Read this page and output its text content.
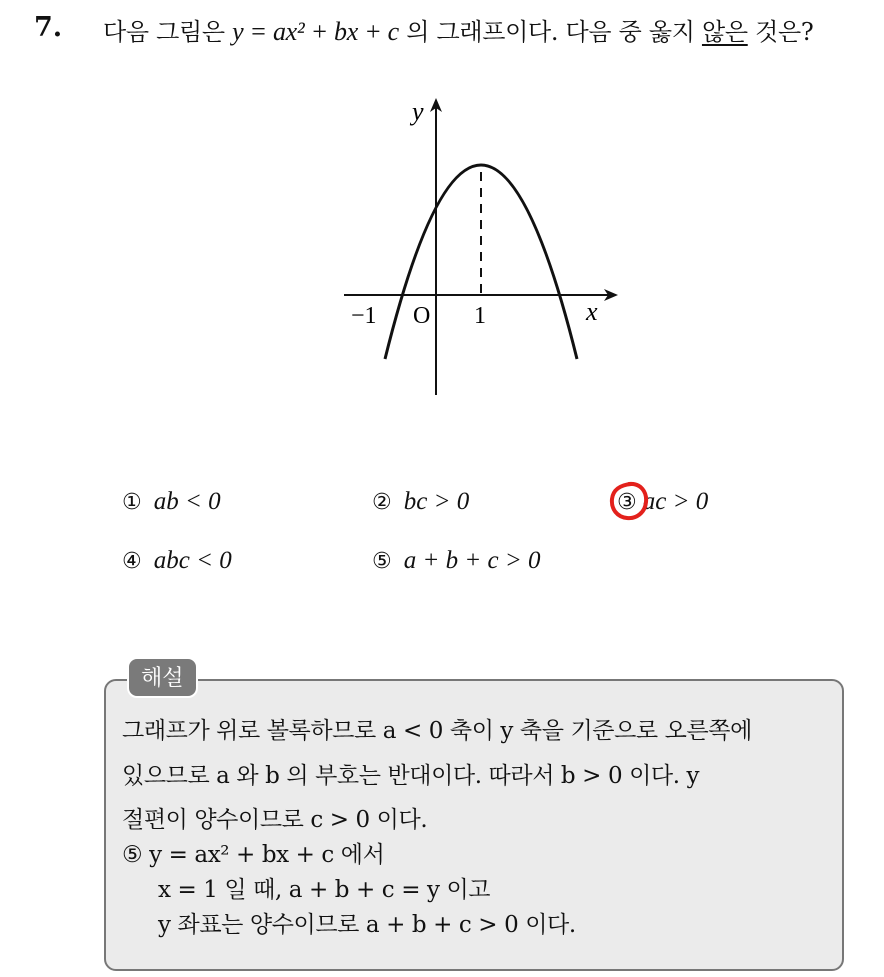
7. 다음 그림은 y = ax² + bx + c 의 그래프이다. 다음 중 옳지 않은 것은?
y
x
O
−1	1
① ab < 0	② bc > 0	③ ac > 0
④ abc < 0	⑤ a + b + c > 0
해설
그래프가 위로 볼록하므로 a < 0 축이 y 축을 기준으로 오른쪽에
있으므로 a 와 b 의 부호는 반대이다. 따라서 b > 0 이다. y
절편이 양수이므로 c > 0 이다.
⑤ y = ax² + bx + c 에서
x = 1 일 때, a + b + c = y 이고
y 좌표는 양수이므로 a + b + c > 0 이다.
